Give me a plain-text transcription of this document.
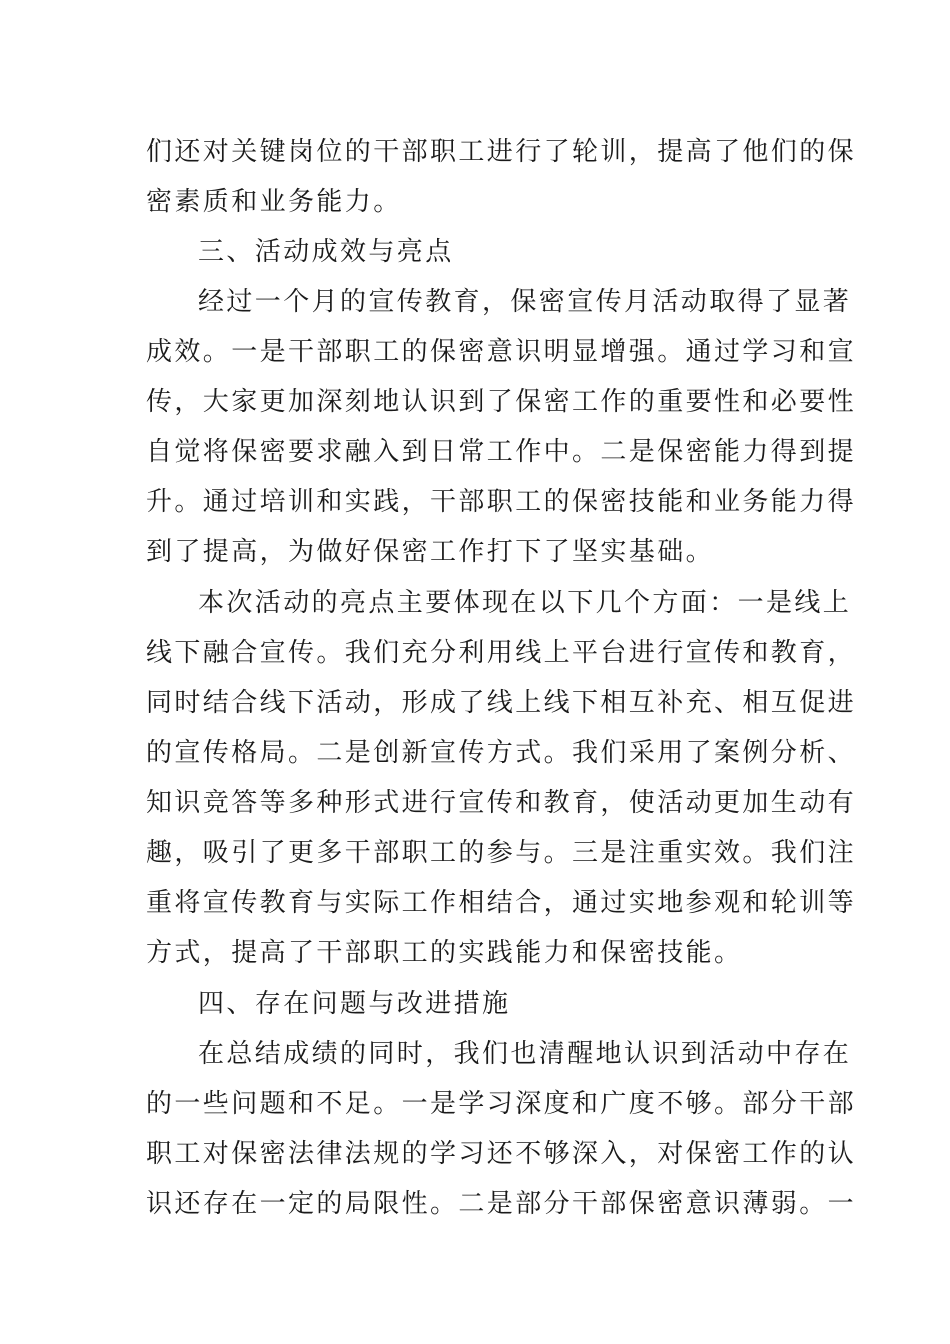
们还对关键岗位的干部职工进行了轮训，提高了他们的保
密素质和业务能力。
三、活动成效与亮点
经过一个月的宣传教育，保密宣传月活动取得了显著
成效。一是干部职工的保密意识明显增强。通过学习和宣
传，大家更加深刻地认识到了保密工作的重要性和必要性
自觉将保密要求融入到日常工作中。二是保密能力得到提
升。通过培训和实践，干部职工的保密技能和业务能力得
到了提高，为做好保密工作打下了坚实基础。
本次活动的亮点主要体现在以下几个方面：一是线上
线下融合宣传。我们充分利用线上平台进行宣传和教育，
同时结合线下活动，形成了线上线下相互补充、相互促进
的宣传格局。二是创新宣传方式。我们采用了案例分析、
知识竞答等多种形式进行宣传和教育，使活动更加生动有
趣，吸引了更多干部职工的参与。三是注重实效。我们注
重将宣传教育与实际工作相结合，通过实地参观和轮训等
方式，提高了干部职工的实践能力和保密技能。
四、存在问题与改进措施
在总结成绩的同时，我们也清醒地认识到活动中存在
的一些问题和不足。一是学习深度和广度不够。部分干部
职工对保密法律法规的学习还不够深入，对保密工作的认
识还存在一定的局限性。二是部分干部保密意识薄弱。一
